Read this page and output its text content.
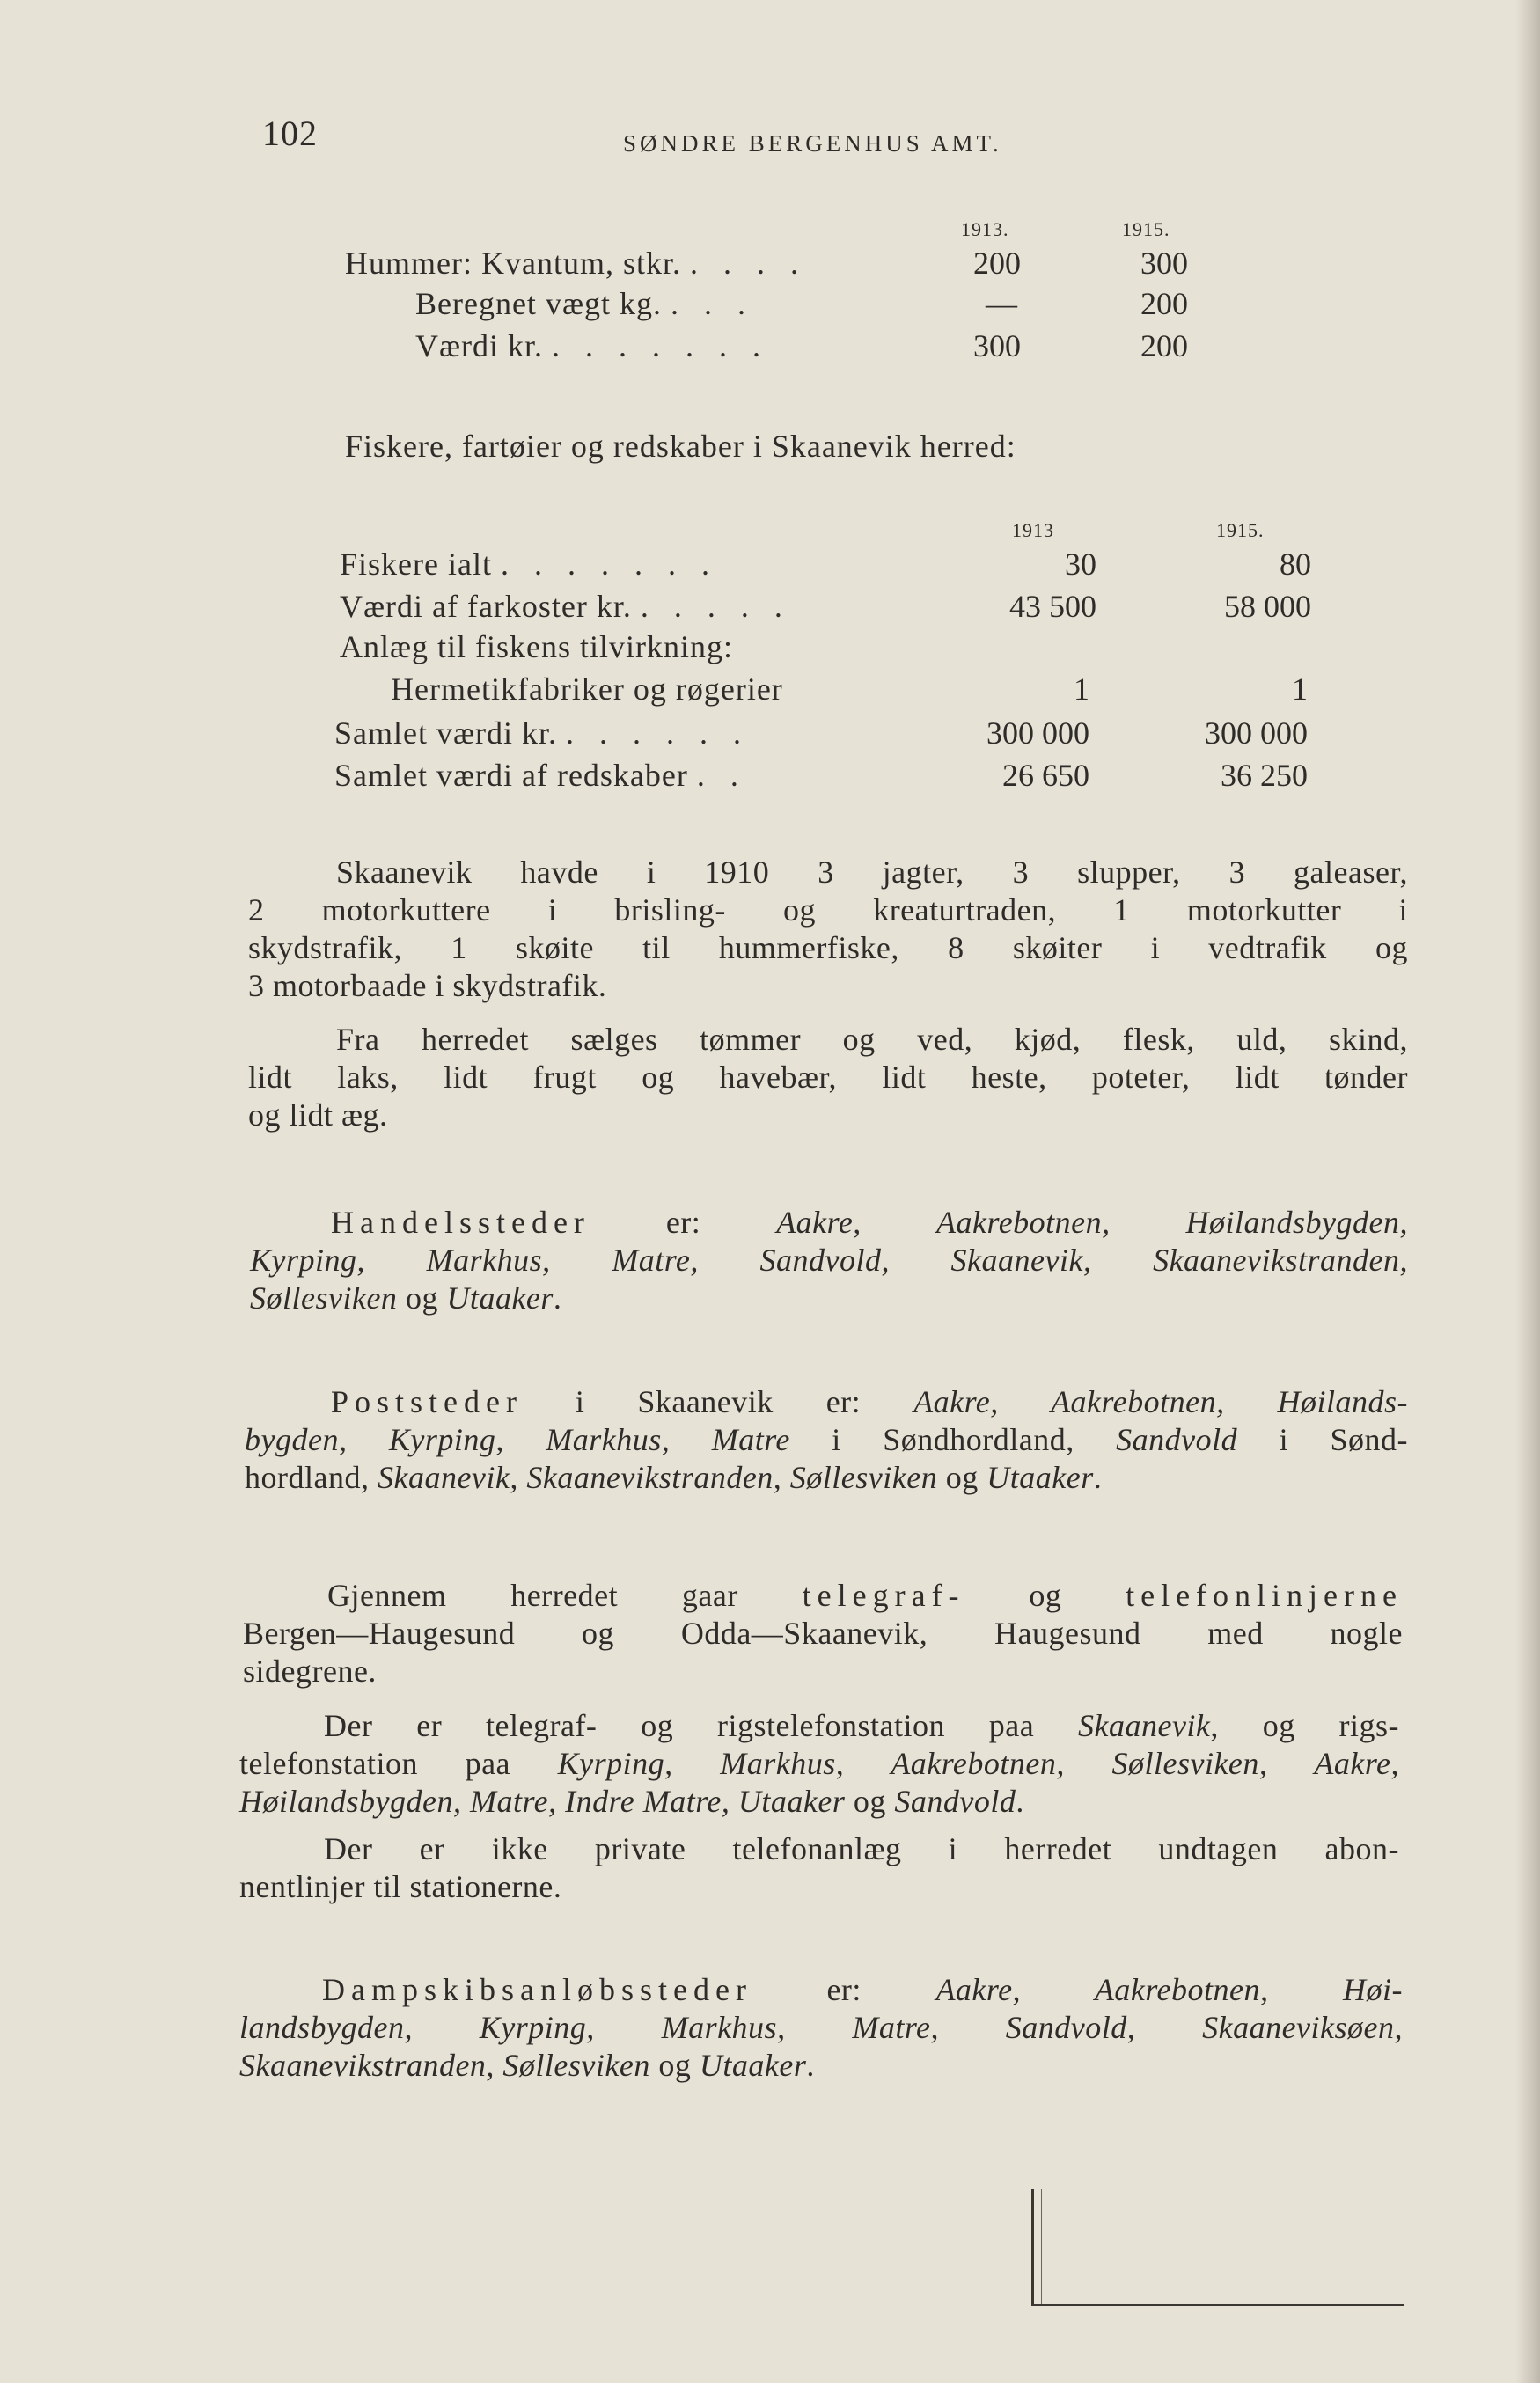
102	SØNDRE BERGENHUS AMT.
1913.	1915.
Hummer: Kvantum, stkr. . . . .	200	300
Beregnet vægt kg. . . .	—	200
Værdi kr. . . . . . . .	300	200
Fiskere, fartøier og redskaber i Skaanevik herred:
1913	1915.
Fiskere ialt . . . . . . .	30	80
Værdi af farkoster kr. . . . . .	43 500	58 000
Anlæg til fiskens tilvirkning:
Hermetikfabriker og røgerier	1	1
Samlet værdi kr. . . . . . .	300 000	300 000
Samlet værdi af redskaber . .	26 650	36 250
Skaanevik havde i 1910 3 jagter, 3 slupper, 3 galeaser,
2 motorkuttere i brisling- og kreaturtraden, 1 motorkutter i
skydstrafik, 1 skøite til hummerfiske, 8 skøiter i vedtrafik og
3 motorbaade i skydstrafik.
Fra herredet sælges tømmer og ved, kjød, flesk, uld, skind,
lidt laks, lidt frugt og havebær, lidt heste, poteter, lidt tønder
og lidt æg.
Handelssteder er: Aakre, Aakrebotnen, Høilandsbygden,
Kyrping, Markhus, Matre, Sandvold, Skaanevik, Skaanevikstranden,
Søllesviken og Utaaker.
Poststeder i Skaanevik er: Aakre, Aakrebotnen, Høilands-
bygden, Kyrping, Markhus, Matre i Søndhordland, Sandvold i Sønd-
hordland, Skaanevik, Skaanevikstranden, Søllesviken og Utaaker.
Gjennem herredet gaar telegraf- og telefonlinjerne
Bergen—Haugesund og Odda—Skaanevik, Haugesund med nogle
sidegrene.
Der er telegraf- og rigstelefonstation paa Skaanevik, og rigs-
telefonstation paa Kyrping, Markhus, Aakrebotnen, Søllesviken, Aakre,
Høilandsbygden, Matre, Indre Matre, Utaaker og Sandvold.
Der er ikke private telefonanlæg i herredet undtagen abon-
nentlinjer til stationerne.
Dampskibsanløbssteder er: Aakre, Aakrebotnen, Høi-
landsbygden, Kyrping, Markhus, Matre, Sandvold, Skaaneviksøen,
Skaanevikstranden, Søllesviken og Utaaker.
